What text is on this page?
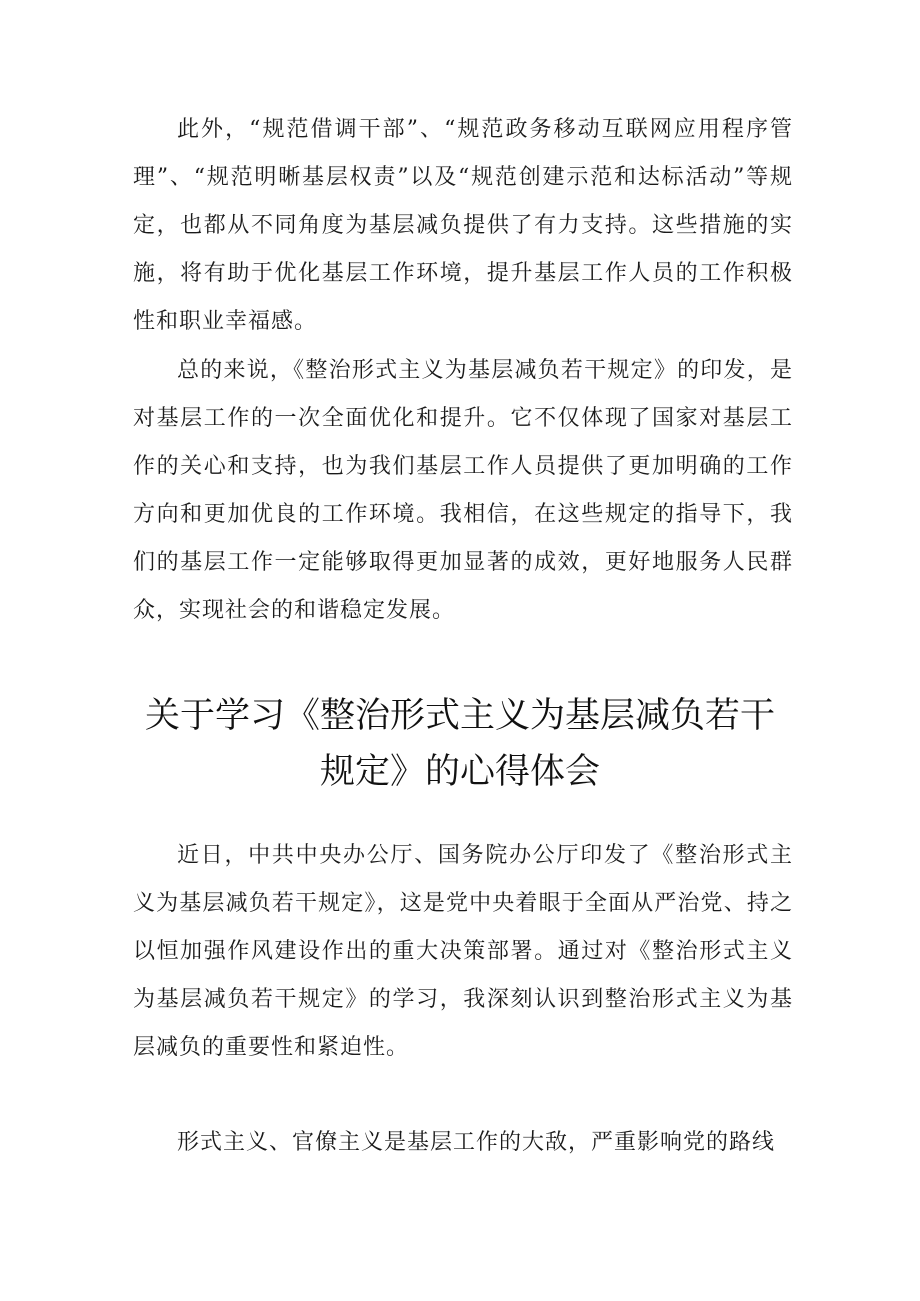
此外，“规范借调干部”、“规范政务移动互联网应用程序管理”、“规范明晰基层权责”以及“规范创建示范和达标活动”等规定，也都从不同角度为基层减负提供了有力支持。这些措施的实施，将有助于优化基层工作环境，提升基层工作人员的工作积极性和职业幸福感。

总的来说，《整治形式主义为基层减负若干规定》的印发，是对基层工作的一次全面优化和提升。它不仅体现了国家对基层工作的关心和支持，也为我们基层工作人员提供了更加明确的工作方向和更加优良的工作环境。我相信，在这些规定的指导下，我们的基层工作一定能够取得更加显著的成效，更好地服务人民群众，实现社会的和谐稳定发展。

关于学习《整治形式主义为基层减负若干规定》的心得体会

近日，中共中央办公厅、国务院办公厅印发了《整治形式主义为基层减负若干规定》，这是党中央着眼于全面从严治党、持之以恒加强作风建设作出的重大决策部署。通过对《整治形式主义为基层减负若干规定》的学习，我深刻认识到整治形式主义为基层减负的重要性和紧迫性。

形式主义、官僚主义是基层工作的大敌，严重影响党的路线
